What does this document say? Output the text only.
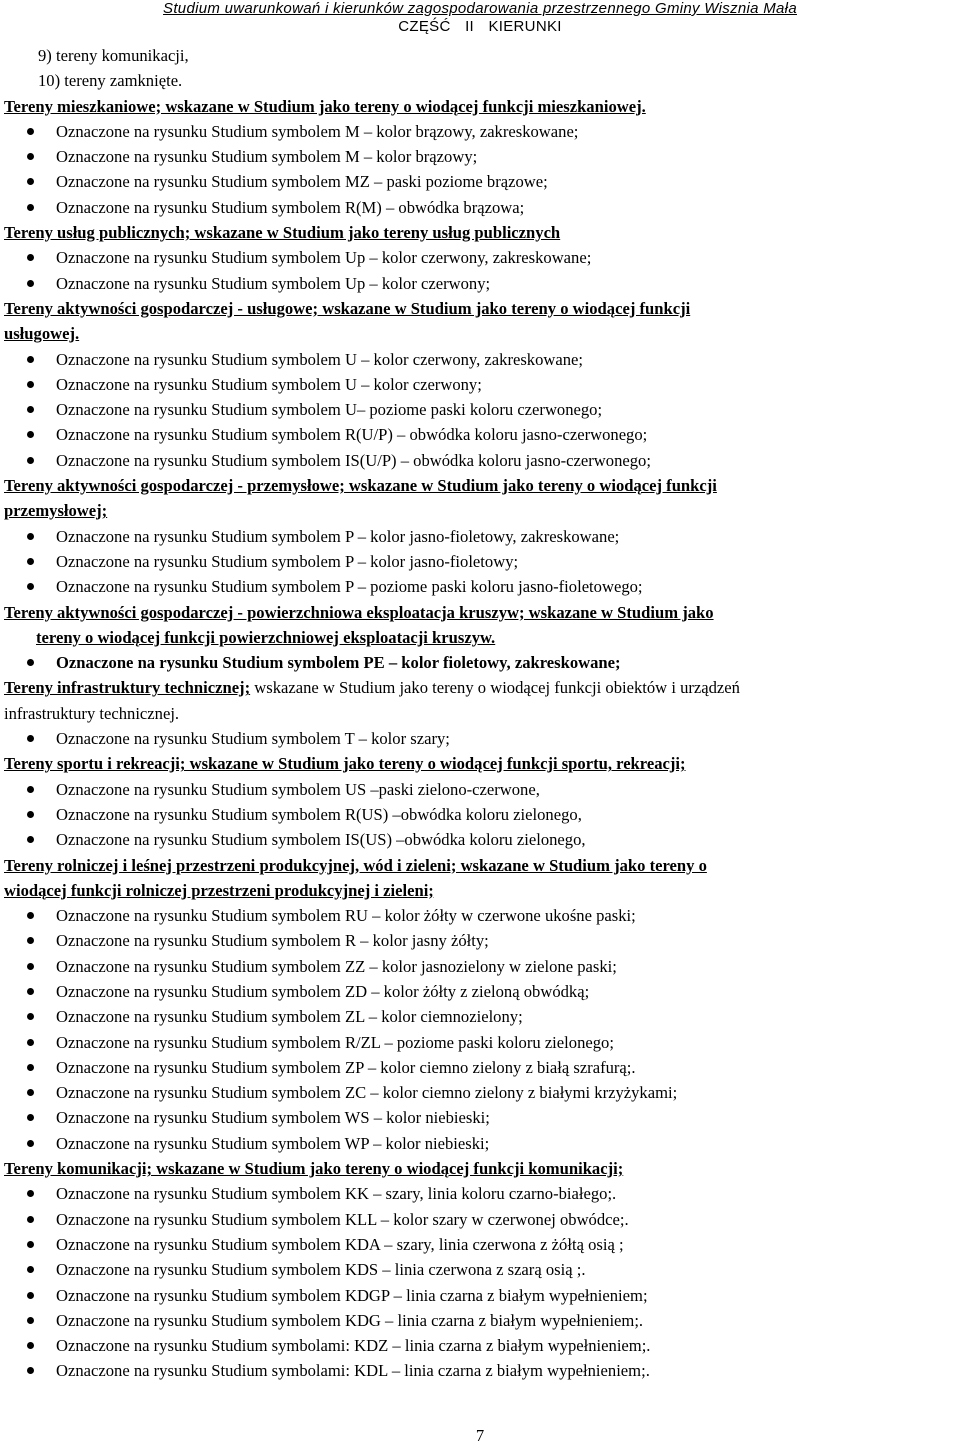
Studium uwarunkowań i kierunków zagospodarowania przestrzennego Gminy Wisznia Mała
CZĘŚĆ II KIERUNKI
9) tereny komunikacji,
10) tereny zamknięte.
Tereny mieszkaniowe; wskazane w Studium jako tereny o wiodącej funkcji mieszkaniowej.
Oznaczone na rysunku Studium symbolem M – kolor brązowy, zakreskowane;
Oznaczone na rysunku Studium symbolem M – kolor brązowy;
Oznaczone na rysunku Studium symbolem MZ – paski poziome brązowe;
Oznaczone na rysunku Studium symbolem R(M) – obwódka brązowa;
Tereny usług publicznych; wskazane w Studium jako tereny usług publicznych
Oznaczone na rysunku Studium symbolem Up – kolor czerwony, zakreskowane;
Oznaczone na rysunku Studium symbolem Up – kolor czerwony;
Tereny aktywności gospodarczej - usługowe; wskazane w Studium jako tereny o wiodącej funkcji
usługowej.
Oznaczone na rysunku Studium symbolem U – kolor czerwony, zakreskowane;
Oznaczone na rysunku Studium symbolem U – kolor czerwony;
Oznaczone na rysunku Studium symbolem U– poziome paski koloru czerwonego;
Oznaczone na rysunku Studium symbolem R(U/P) – obwódka koloru jasno-czerwonego;
Oznaczone na rysunku Studium symbolem IS(U/P) – obwódka koloru jasno-czerwonego;
Tereny aktywności gospodarczej - przemysłowe; wskazane w Studium jako tereny o wiodącej funkcji
przemysłowej;
Oznaczone na rysunku Studium symbolem P – kolor jasno-fioletowy, zakreskowane;
Oznaczone na rysunku Studium symbolem P – kolor jasno-fioletowy;
Oznaczone na rysunku Studium symbolem P – poziome paski koloru jasno-fioletowego;
Tereny aktywności gospodarczej - powierzchniowa eksploatacja kruszyw; wskazane w Studium jako
tereny o wiodącej funkcji powierzchniowej eksploatacji kruszyw.
Oznaczone na rysunku Studium symbolem PE – kolor fioletowy, zakreskowane;
Tereny infrastruktury technicznej; wskazane w Studium jako tereny o wiodącej funkcji obiektów i urządzeń
infrastruktury technicznej.
Oznaczone na rysunku Studium symbolem T – kolor szary;
Tereny sportu i rekreacji; wskazane w Studium jako tereny o wiodącej funkcji sportu, rekreacji;
Oznaczone na rysunku Studium symbolem US –paski zielono-czerwone,
Oznaczone na rysunku Studium symbolem R(US) –obwódka koloru zielonego,
Oznaczone na rysunku Studium symbolem IS(US) –obwódka koloru zielonego,
Tereny rolniczej i leśnej przestrzeni produkcyjnej, wód i zieleni; wskazane w Studium jako tereny o
wiodącej funkcji rolniczej przestrzeni produkcyjnej i zieleni;
Oznaczone na rysunku Studium symbolem RU – kolor żółty w czerwone ukośne paski;
Oznaczone na rysunku Studium symbolem R – kolor jasny żółty;
Oznaczone na rysunku Studium symbolem ZZ – kolor jasnozielony w zielone paski;
Oznaczone na rysunku Studium symbolem ZD – kolor żółty z zieloną obwódką;
Oznaczone na rysunku Studium symbolem ZL – kolor ciemnozielony;
Oznaczone na rysunku Studium symbolem R/ZL – poziome paski koloru zielonego;
Oznaczone na rysunku Studium symbolem ZP – kolor ciemno zielony z białą szrafurą;.
Oznaczone na rysunku Studium symbolem ZC – kolor ciemno zielony z białymi krzyżykami;
Oznaczone na rysunku Studium symbolem WS – kolor niebieski;
Oznaczone na rysunku Studium symbolem WP – kolor niebieski;
Tereny komunikacji; wskazane w Studium jako tereny o wiodącej funkcji komunikacji;
Oznaczone na rysunku Studium symbolem KK – szary, linia koloru czarno-białego;.
Oznaczone na rysunku Studium symbolem KLL – kolor szary w czerwonej obwódce;.
Oznaczone na rysunku Studium symbolem KDA – szary, linia czerwona z żółtą osią ;
Oznaczone na rysunku Studium symbolem KDS – linia czerwona z szarą osią ;.
Oznaczone na rysunku Studium symbolem KDGP – linia czarna z białym wypełnieniem;
Oznaczone na rysunku Studium symbolem KDG – linia czarna z białym wypełnieniem;.
Oznaczone na rysunku Studium symbolami: KDZ – linia czarna z białym wypełnieniem;.
Oznaczone na rysunku Studium symbolami: KDL – linia czarna z białym wypełnieniem;.
7
